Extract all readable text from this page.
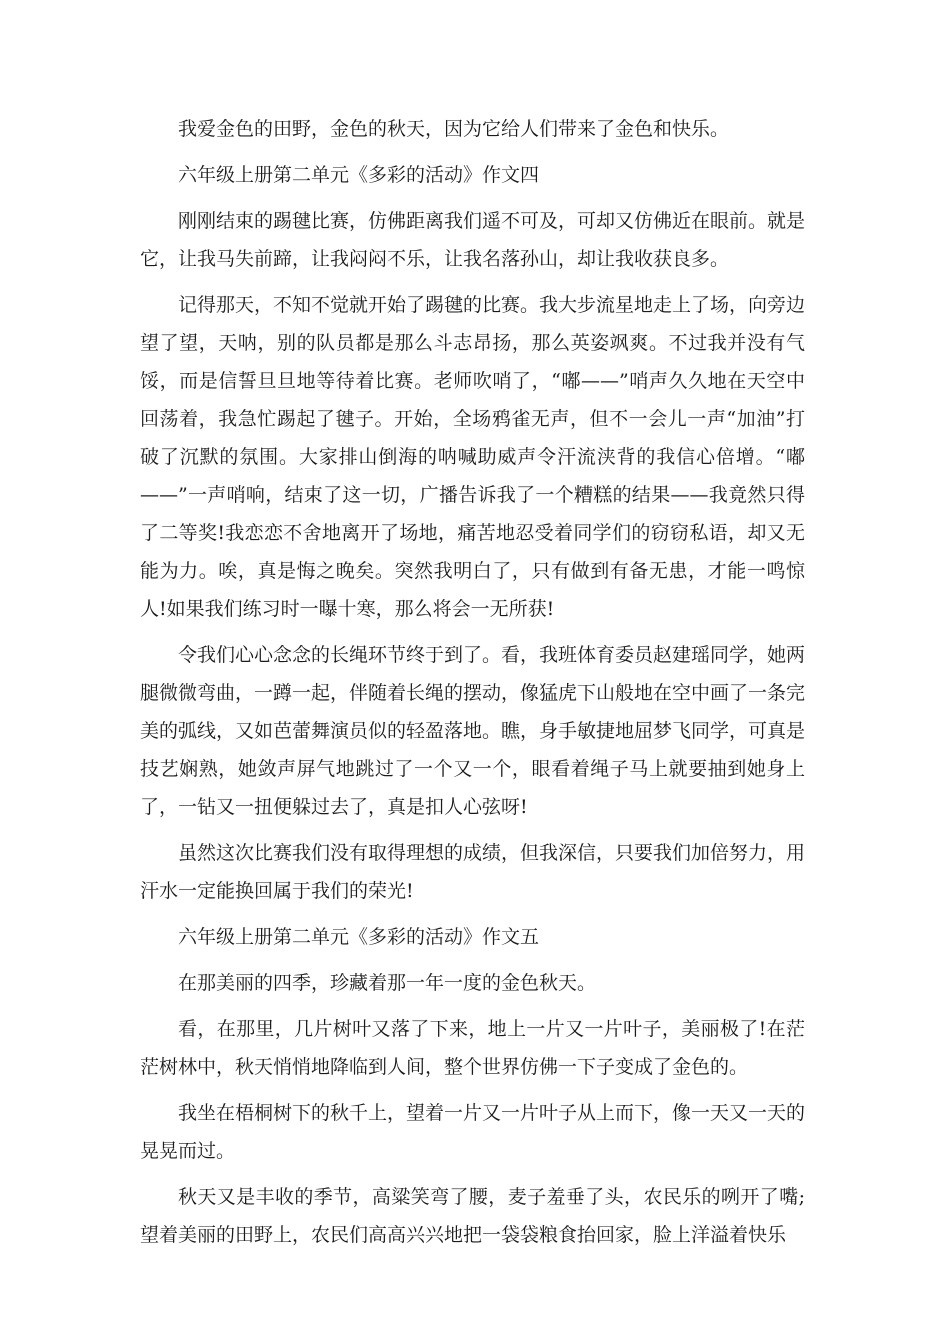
我爱金色的田野，金色的秋天，因为它给人们带来了金色和快乐。

六年级上册第二单元《多彩的活动》作文四

刚刚结束的踢毽比赛，仿佛距离我们遥不可及，可却又仿佛近在眼前。就是它，让我马失前蹄，让我闷闷不乐，让我名落孙山，却让我收获良多。

记得那天，不知不觉就开始了踢毽的比赛。我大步流星地走上了场，向旁边望了望，天呐，别的队员都是那么斗志昂扬，那么英姿飒爽。不过我并没有气馁，而是信誓旦旦地等待着比赛。老师吹哨了，“嘟——”哨声久久地在天空中回荡着，我急忙踢起了毽子。开始，全场鸦雀无声，但不一会儿一声“加油”打破了沉默的氛围。大家排山倒海的呐喊助威声令汗流浃背的我信心倍增。“嘟——”一声哨响，结束了这一切，广播告诉我了一个糟糕的结果——我竟然只得了二等奖!我恋恋不舍地离开了场地，痛苦地忍受着同学们的窃窃私语，却又无能为力。唉，真是悔之晚矣。突然我明白了，只有做到有备无患，才能一鸣惊人!如果我们练习时一曝十寒，那么将会一无所获!

令我们心心念念的长绳环节终于到了。看，我班体育委员赵建瑶同学，她两腿微微弯曲，一蹲一起，伴随着长绳的摆动，像猛虎下山般地在空中画了一条完美的弧线，又如芭蕾舞演员似的轻盈落地。瞧，身手敏捷地屈梦飞同学，可真是技艺娴熟，她敛声屏气地跳过了一个又一个，眼看着绳子马上就要抽到她身上了，一钻又一扭便躲过去了，真是扣人心弦呀!

虽然这次比赛我们没有取得理想的成绩，但我深信，只要我们加倍努力，用汗水一定能换回属于我们的荣光!

六年级上册第二单元《多彩的活动》作文五

在那美丽的四季，珍藏着那一年一度的金色秋天。

看，在那里，几片树叶又落了下来，地上一片又一片叶子，美丽极了!在茫茫树林中，秋天悄悄地降临到人间，整个世界仿佛一下子变成了金色的。

我坐在梧桐树下的秋千上，望着一片又一片叶子从上而下，像一天又一天的晃晃而过。

秋天又是丰收的季节，高粱笑弯了腰，麦子羞垂了头，农民乐的咧开了嘴;望着美丽的田野上，农民们高高兴兴地把一袋袋粮食抬回家，脸上洋溢着快乐
